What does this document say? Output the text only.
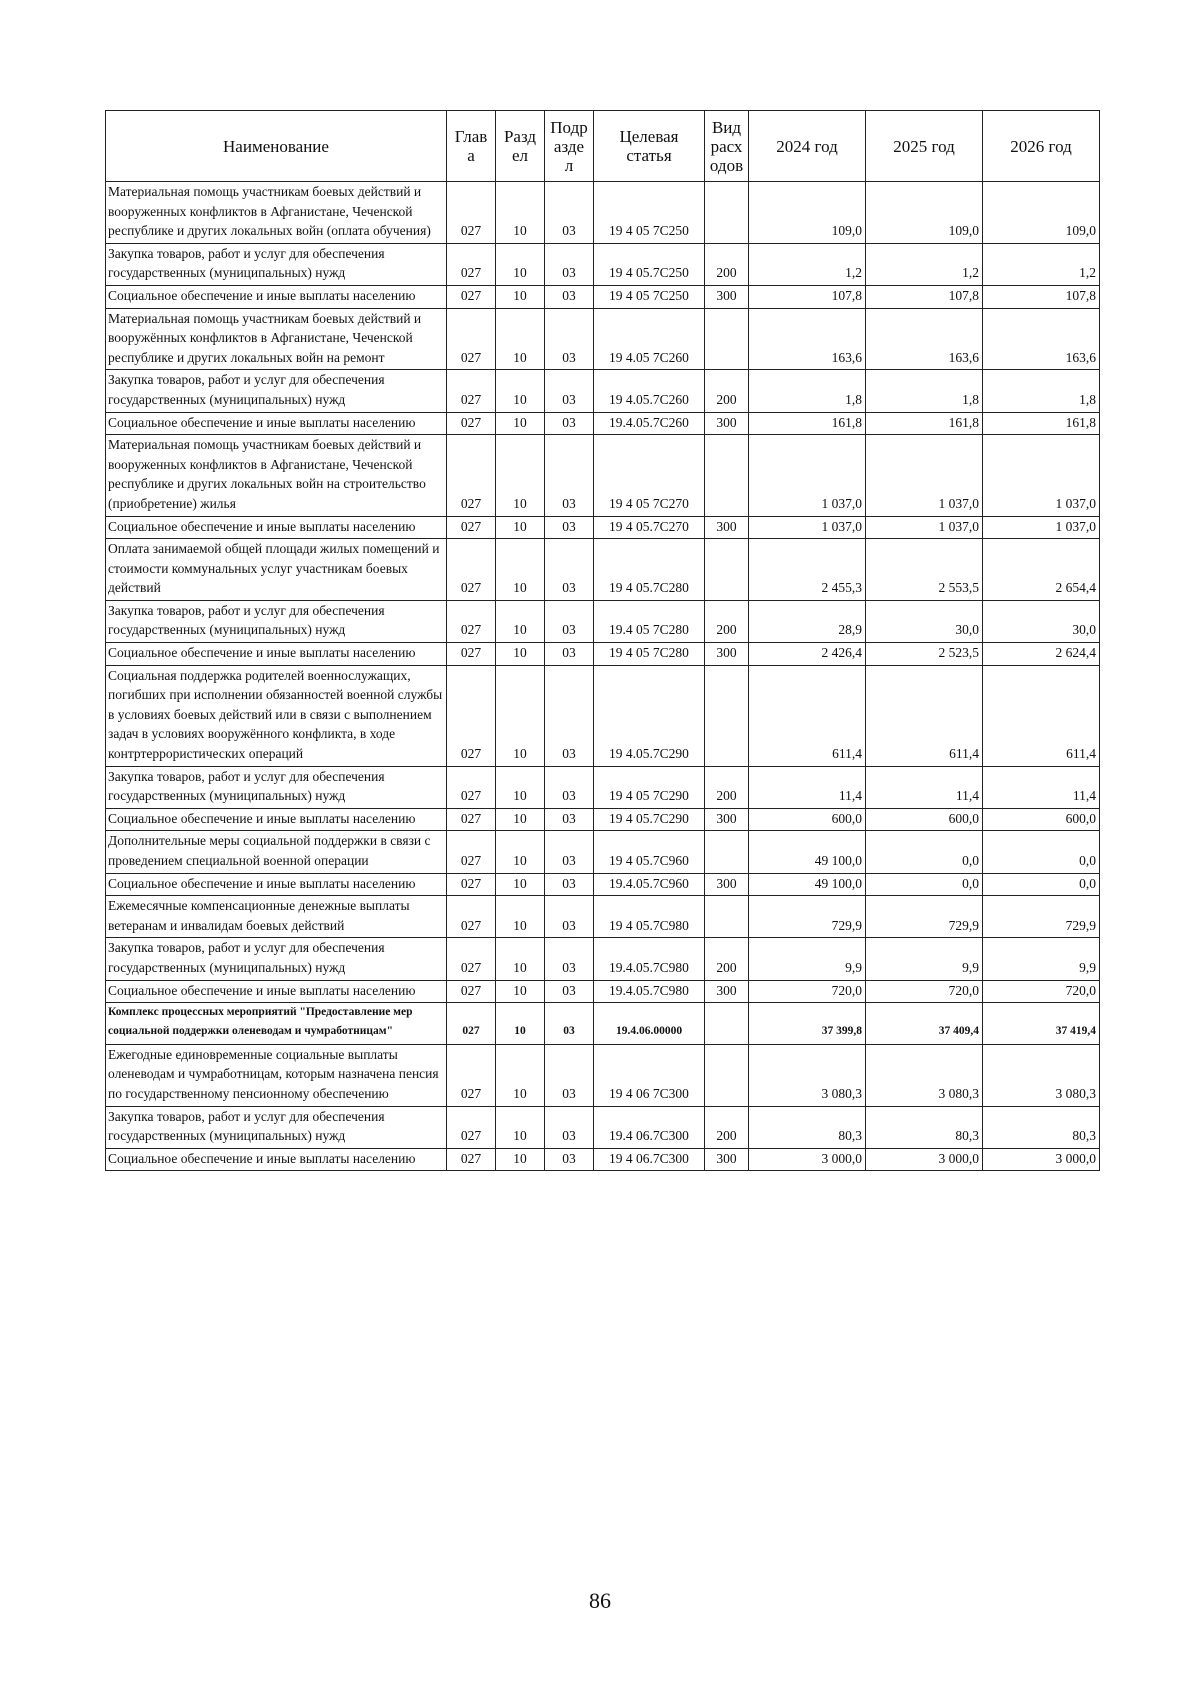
Наименование	Глав а	Разд ел	Подр азде л	Целевая статья	Вид расх одов	2024 год	2025 год	2026 год
Материальная помощь участникам боевых действий и вооруженных конфликтов в Афганистане, Чеченской республике и других локальных войн (оплата обучения)	027	10	03	19 4 05 7С250		109,0	109,0	109,0
Закупка товаров, работ и услуг для обеспечения государственных (муниципальных) нужд	027	10	03	19 4 05.7С250	200	1,2	1,2	1,2
Социальное обеспечение и иные выплаты населению	027	10	03	19 4 05 7С250	300	107,8	107,8	107,8
Материальная помощь участникам боевых действий и вооружённых конфликтов в Афганистане, Чеченской республике и других локальных войн на ремонт	027	10	03	19 4.05 7С260		163,6	163,6	163,6
Закупка товаров, работ и услуг для обеспечения государственных (муниципальных) нужд	027	10	03	19 4.05.7С260	200	1,8	1,8	1,8
Социальное обеспечение и иные выплаты населению	027	10	03	19.4.05.7С260	300	161,8	161,8	161,8
Материальная помощь участникам боевых действий и вооруженных конфликтов в Афганистане, Чеченской республике и других локальных войн на строительство (приобретение) жилья	027	10	03	19 4 05 7С270		1 037,0	1 037,0	1 037,0
Социальное обеспечение и иные выплаты населению	027	10	03	19 4 05.7С270	300	1 037,0	1 037,0	1 037,0
Оплата занимаемой общей площади жилых помещений и стоимости коммунальных услуг участникам боевых действий	027	10	03	19 4 05.7С280		2 455,3	2 553,5	2 654,4
Закупка товаров, работ и услуг для обеспечения государственных (муниципальных) нужд	027	10	03	19.4 05 7С280	200	28,9	30,0	30,0
Социальное обеспечение и иные выплаты населению	027	10	03	19 4 05 7С280	300	2 426,4	2 523,5	2 624,4
Социальная поддержка родителей военнослужащих, погибших при исполнении обязанностей военной службы в условиях боевых действий или в связи с выполнением задач в условиях вооружённого конфликта, в ходе контртеррористических операций	027	10	03	19 4.05.7С290		611,4	611,4	611,4
Закупка товаров, работ и услуг для обеспечения государственных (муниципальных) нужд	027	10	03	19 4 05 7С290	200	11,4	11,4	11,4
Социальное обеспечение и иные выплаты населению	027	10	03	19 4 05.7С290	300	600,0	600,0	600,0
Дополнительные меры социальной поддержки в связи с проведением специальной военной операции	027	10	03	19 4 05.7С960		49 100,0	0,0	0,0
Социальное обеспечение и иные выплаты населению	027	10	03	19.4.05.7С960	300	49 100,0	0,0	0,0
Ежемесячные компенсационные денежные выплаты ветеранам и инвалидам боевых действий	027	10	03	19 4 05.7С980		729,9	729,9	729,9
Закупка товаров, работ и услуг для обеспечения государственных (муниципальных) нужд	027	10	03	19.4.05.7С980	200	9,9	9,9	9,9
Социальное обеспечение и иные выплаты населению	027	10	03	19.4.05.7С980	300	720,0	720,0	720,0
Комплекс процессных мероприятий "Предоставление мер социальной поддержки оленеводам и чумработницам"	027	10	03	19.4.06.00000		37 399,8	37 409,4	37 419,4
Ежегодные единовременные социальные выплаты оленеводам и чумработницам, которым назначена пенсия по государственному пенсионному обеспечению	027	10	03	19 4 06 7С300		3 080,3	3 080,3	3 080,3
Закупка товаров, работ и услуг для обеспечения государственных (муниципальных) нужд	027	10	03	19.4 06.7С300	200	80,3	80,3	80,3
Социальное обеспечение и иные выплаты населению	027	10	03	19 4 06.7С300	300	3 000,0	3 000,0	3 000,0
86
